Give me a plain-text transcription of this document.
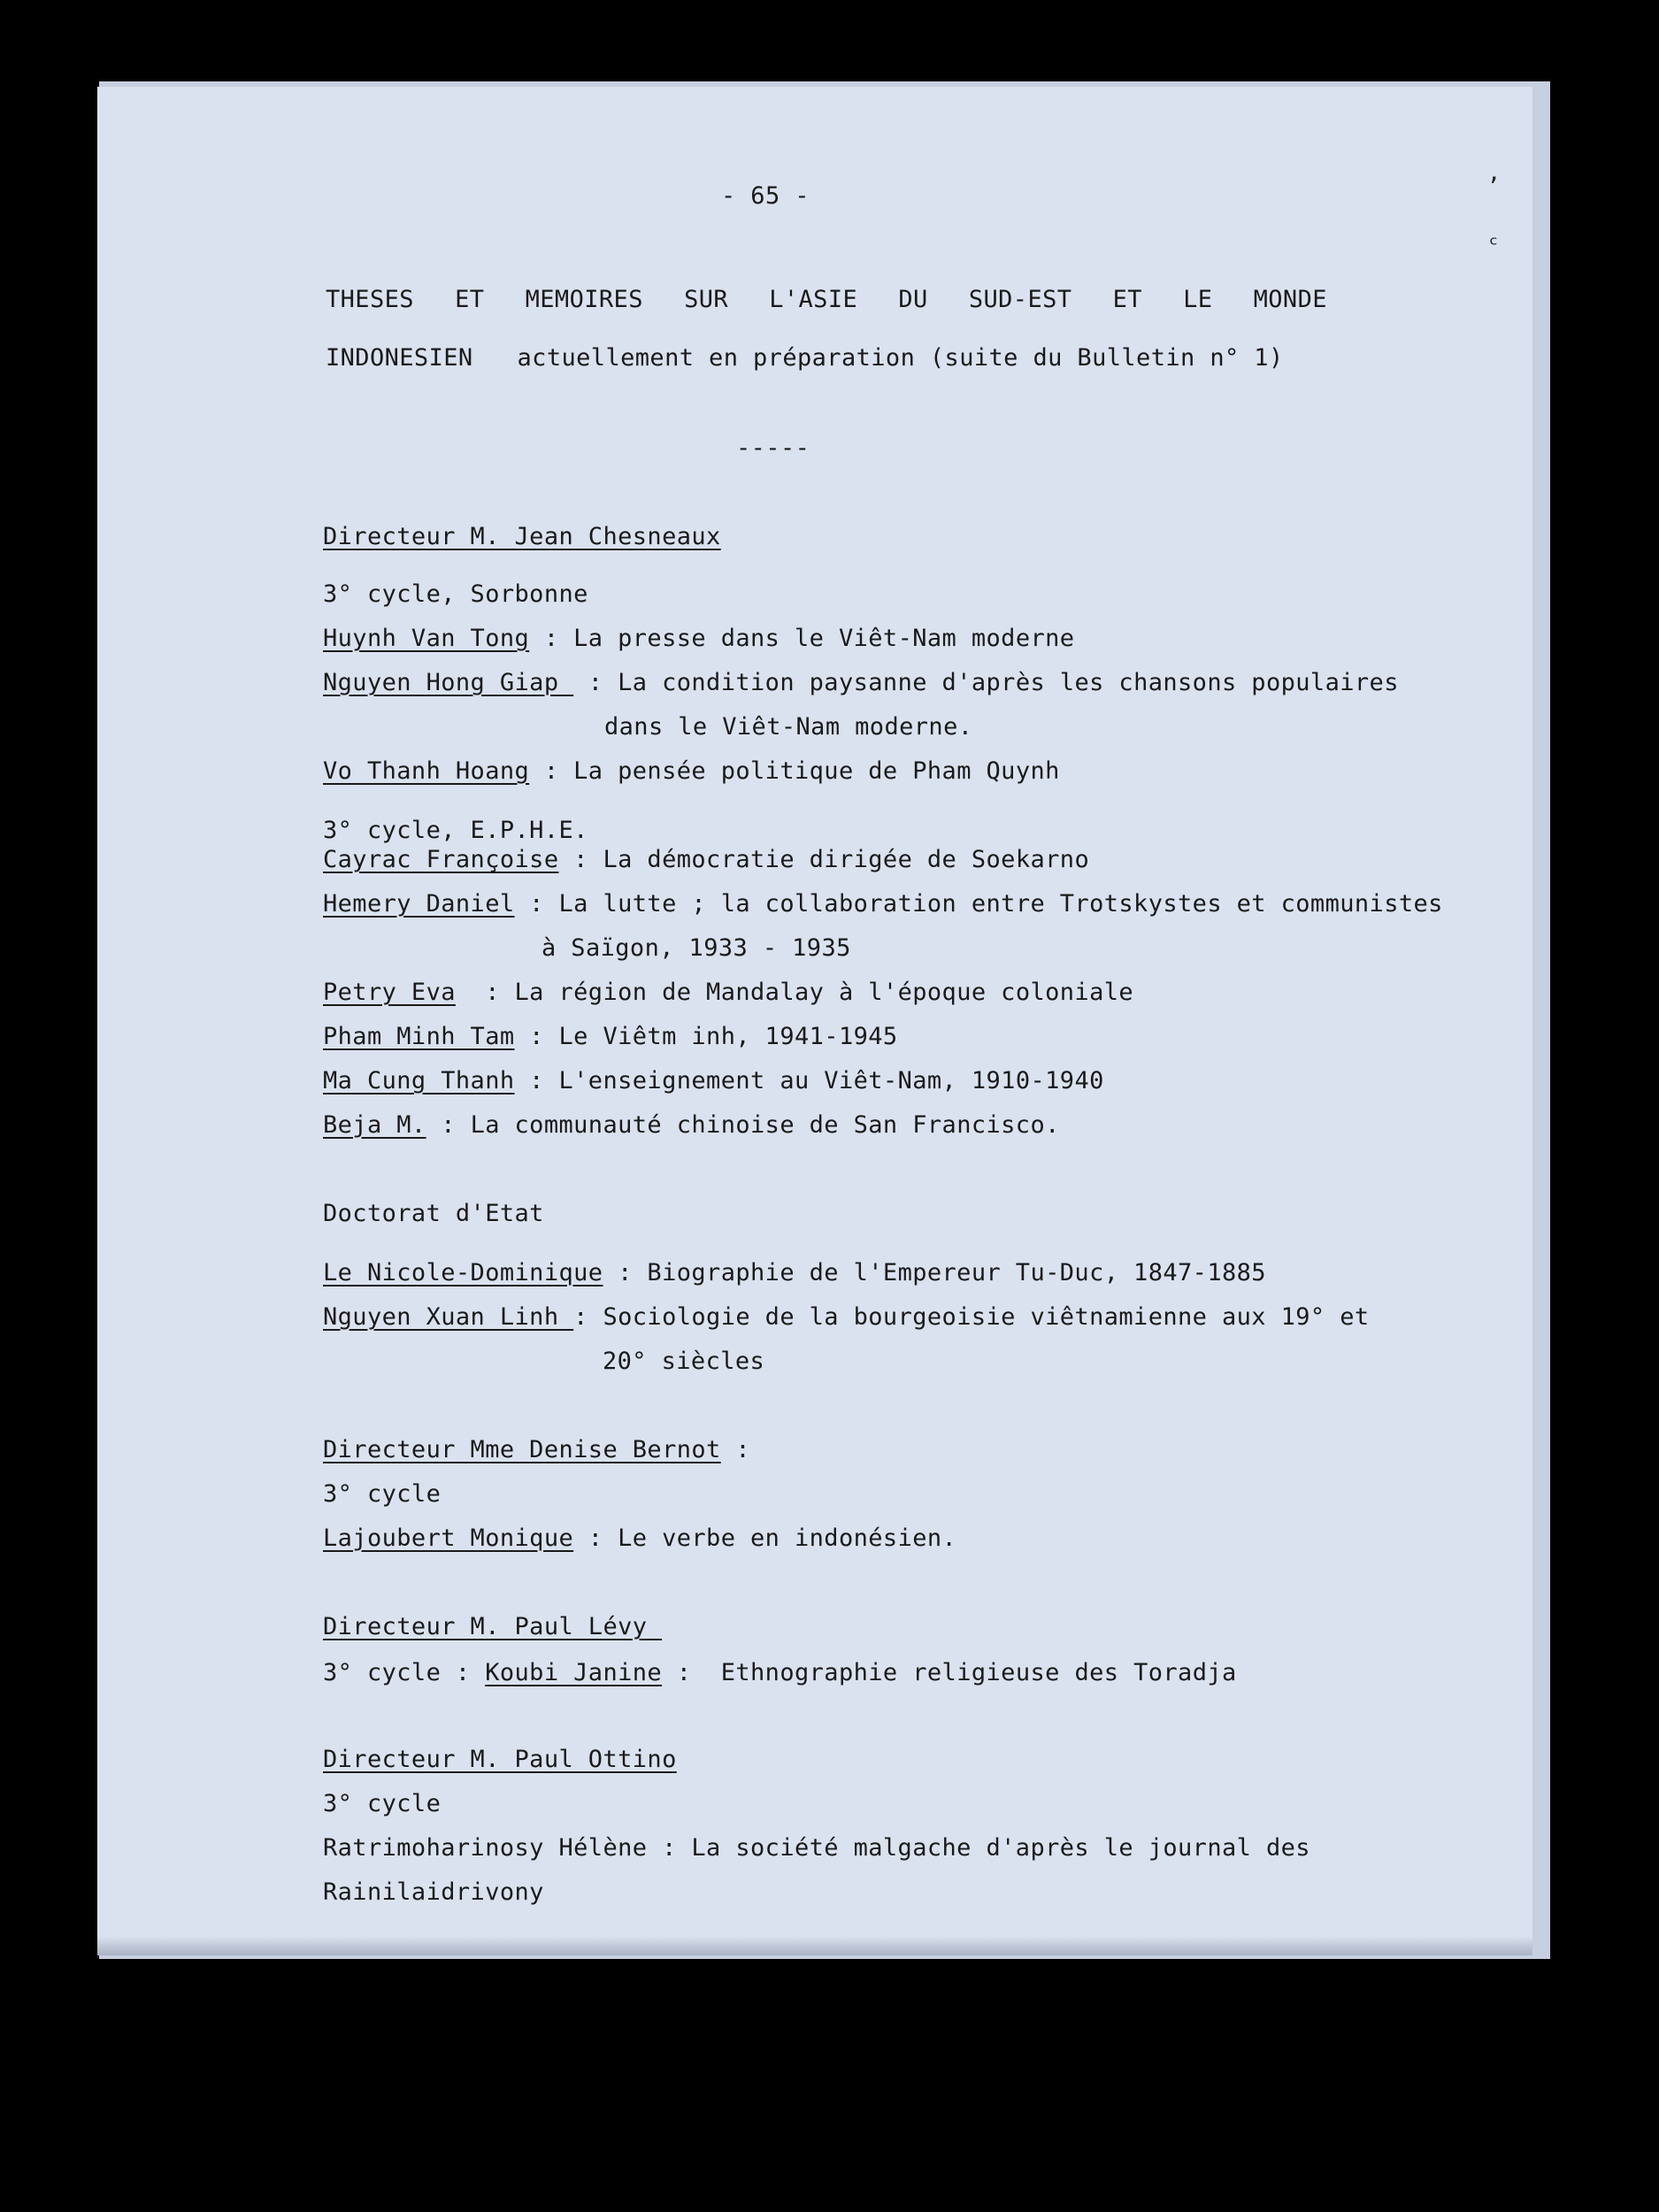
’
ᶜ
- 65 -
THESES ET MEMOIRES SUR L'ASIE DU SUD-EST ET LE MONDE
INDONESIEN actuellement en préparation (suite du Bulletin n° 1)
-----
Directeur M. Jean Chesneaux
3° cycle, Sorbonne
Huynh Van Tong : La presse dans le Viêt-Nam moderne
Nguyen Hong Giap  : La condition paysanne d'après les chansons populaires
dans le Viêt-Nam moderne.
Vo Thanh Hoang : La pensée politique de Pham Quynh
3° cycle, E.P.H.E.
Cayrac Françoise : La démocratie dirigée de Soekarno
Hemery Daniel : La lutte ; la collaboration entre Trotskystes et communistes
à Saïgon, 1933 - 1935
Petry Eva  : La région de Mandalay à l'époque coloniale
Pham Minh Tam : Le Viêtm inh, 1941-1945
Ma Cung Thanh : L'enseignement au Viêt-Nam, 1910-1940
Beja M. : La communauté chinoise de San Francisco.
Doctorat d'Etat
Le Nicole-Dominique : Biographie de l'Empereur Tu-Duc, 1847-1885
Nguyen Xuan Linh : Sociologie de la bourgeoisie viêtnamienne aux 19° et
20° siècles
Directeur Mme Denise Bernot :
3° cycle
Lajoubert Monique : Le verbe en indonésien.
Directeur M. Paul Lévy
3° cycle : Koubi Janine :  Ethnographie religieuse des Toradja
Directeur M. Paul Ottino
3° cycle
Ratrimoharinosy Hélène : La société malgache d'après le journal des
Rainilaidrivony
